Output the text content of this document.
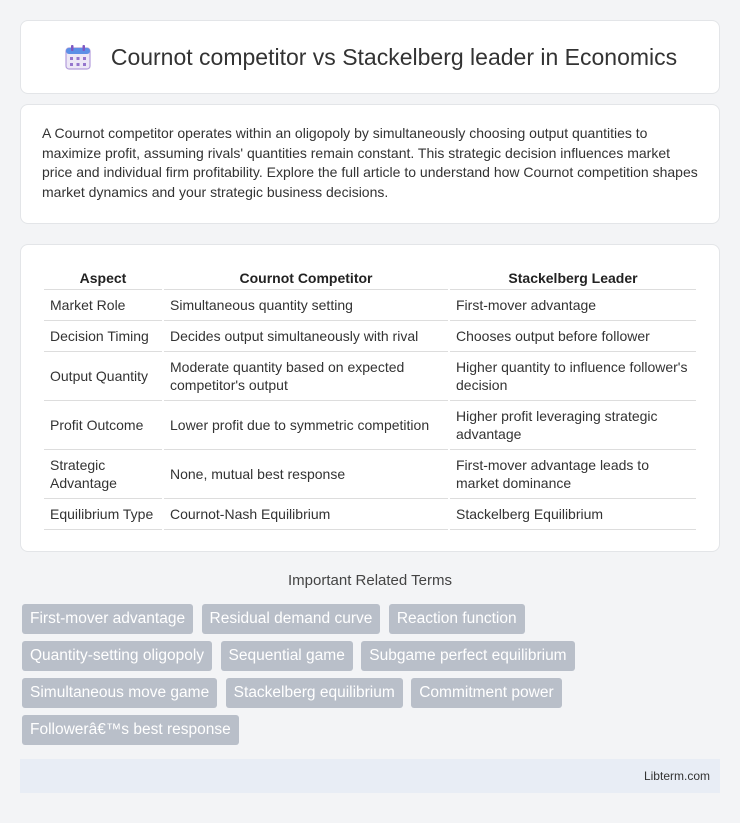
Cournot competitor vs Stackelberg leader in Economics

A Cournot competitor operates within an oligopoly by simultaneously choosing output quantities to maximize profit, assuming rivals' quantities remain constant. This strategic decision influences market price and individual firm profitability. Explore the full article to understand how Cournot competition shapes market dynamics and your strategic business decisions.

Aspect	Cournot Competitor	Stackelberg Leader
Market Role	Simultaneous quantity setting	First-mover advantage
Decision Timing	Decides output simultaneously with rival	Chooses output before follower
Output Quantity	Moderate quantity based on expected competitor's output	Higher quantity to influence follower's decision
Profit Outcome	Lower profit due to symmetric competition	Higher profit leveraging strategic advantage
Strategic Advantage	None, mutual best response	First-mover advantage leads to market dominance
Equilibrium Type	Cournot-Nash Equilibrium	Stackelberg Equilibrium
Important Related Terms
First-mover advantage Residual demand curve Reaction function Quantity-setting oligopoly Sequential game Subgame perfect equilibrium Simultaneous move game Stackelberg equilibrium Commitment power Followerâ€™s best response
Libterm.com
